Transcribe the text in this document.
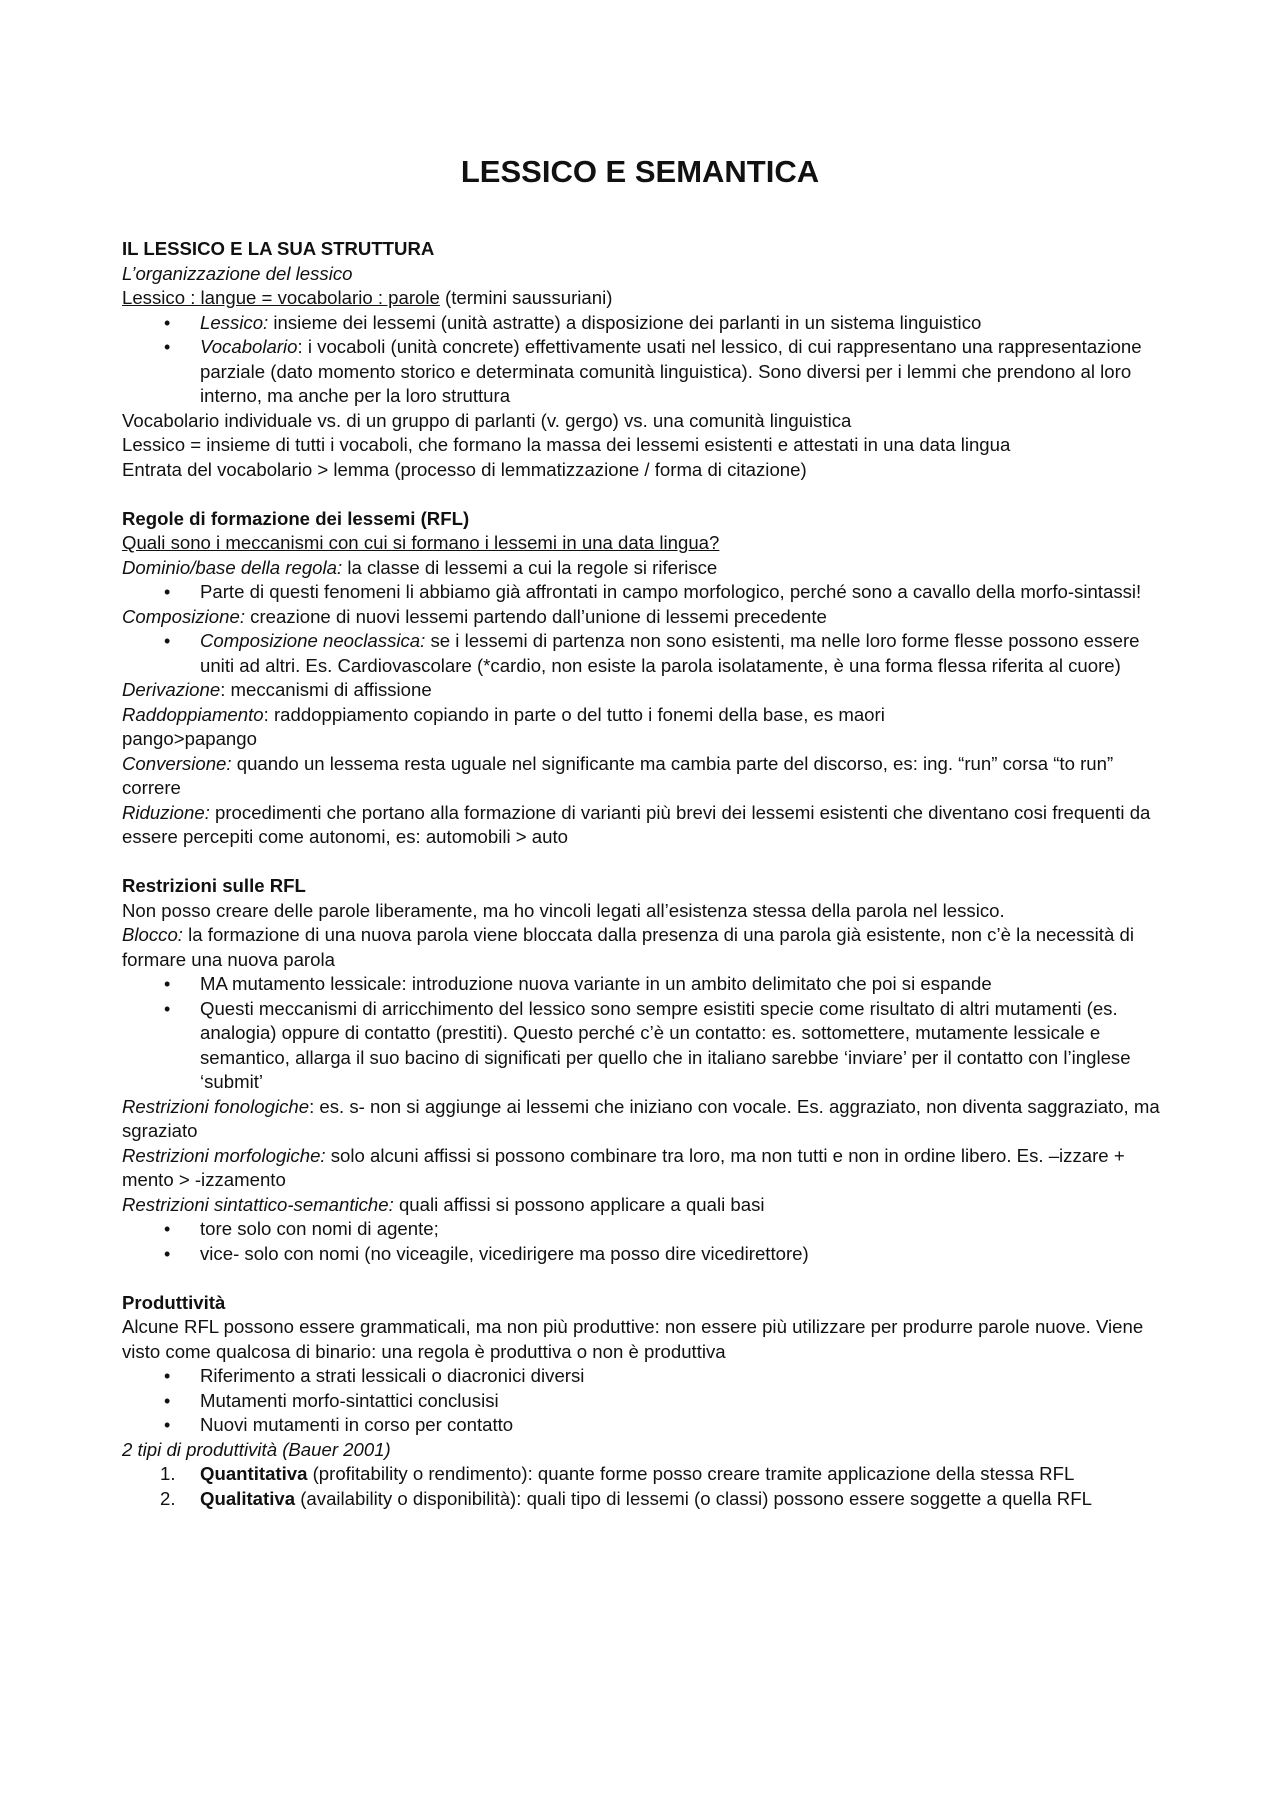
LESSICO E SEMANTICA
IL LESSICO E LA SUA STRUTTURA

L’organizzazione del lessico

Lessico : langue = vocabolario : parole (termini saussuriani)

• Lessico: insieme dei lessemi (unità astratte) a disposizione dei parlanti in un sistema linguistico
• Vocabolario: i vocaboli (unità concrete) effettivamente usati nel lessico, di cui rappresentano una rappresentazione parziale (dato momento storico e determinata comunità linguistica). Sono diversi per i lemmi che prendono al loro interno, ma anche per la loro struttura

Vocabolario individuale vs. di un gruppo di parlanti (v. gergo) vs. una comunità linguistica

Lessico = insieme di tutti i vocaboli, che formano la massa dei lessemi esistenti e attestati in una data lingua

Entrata del vocabolario > lemma (processo di lemmatizzazione / forma di citazione)

Regole di formazione dei lessemi (RFL)

Quali sono i meccanismi con cui si formano i lessemi in una data lingua?

Dominio/base della regola: la classe di lessemi a cui la regole si riferisce

• Parte di questi fenomeni li abbiamo già affrontati in campo morfologico, perché sono a cavallo della morfo-sintassi!

Composizione: creazione di nuovi lessemi partendo dall’unione di lessemi precedente

• Composizione neoclassica: se i lessemi di partenza non sono esistenti, ma nelle loro forme flesse possono essere uniti ad altri. Es. Cardiovascolare (*cardio, non esiste la parola isolatamente, è una forma flessa riferita al cuore)

Derivazione: meccanismi di affissione

Raddoppiamento: raddoppiamento copiando in parte o del tutto i fonemi della base, es maori

pango>papango

Conversione: quando un lessema resta uguale nel significante ma cambia parte del discorso, es: ing. “run” corsa “to run” correre

Riduzione: procedimenti che portano alla formazione di varianti più brevi dei lessemi esistenti che diventano cosi frequenti da essere percepiti come autonomi, es: automobili > auto

Restrizioni sulle RFL

Non posso creare delle parole liberamente, ma ho vincoli legati all’esistenza stessa della parola nel lessico.

Blocco: la formazione di una nuova parola viene bloccata dalla presenza di una parola già esistente, non c’è la necessità di formare una nuova parola

• MA mutamento lessicale: introduzione nuova variante in un ambito delimitato che poi si espande
• Questi meccanismi di arricchimento del lessico sono sempre esistiti specie come risultato di altri mutamenti (es. analogia) oppure di contatto (prestiti). Questo perché c’è un contatto: es. sottomettere, mutamente lessicale e semantico, allarga il suo bacino di significati per quello che in italiano sarebbe ‘inviare’ per il contatto con l’inglese ‘submit’

Restrizioni fonologiche: es. s- non si aggiunge ai lessemi che iniziano con vocale. Es. aggraziato, non diventa saggraziato, ma sgraziato

Restrizioni morfologiche: solo alcuni affissi si possono combinare tra loro, ma non tutti e non in ordine libero. Es. –izzare + mento > -izzamento

Restrizioni sintattico-semantiche: quali affissi si possono applicare a quali basi

• tore solo con nomi di agente;
• vice- solo con nomi (no viceagile, vicedirigere ma posso dire vicedirettore)
Produttività

Alcune RFL possono essere grammaticali, ma non più produttive: non essere più utilizzare per produrre parole nuove. Viene visto come qualcosa di binario: una regola è produttiva o non è produttiva

• Riferimento a strati lessicali o diacronici diversi
• Mutamenti morfo-sintattici conclusisi
• Nuovi mutamenti in corso per contatto

2 tipi di produttività (Bauer 2001)

1. Quantitativa (profitability o rendimento): quante forme posso creare tramite applicazione della stessa RFL
2. Qualitativa (availability o disponibilità): quali tipo di lessemi (o classi) possono essere soggette a quella RFL
